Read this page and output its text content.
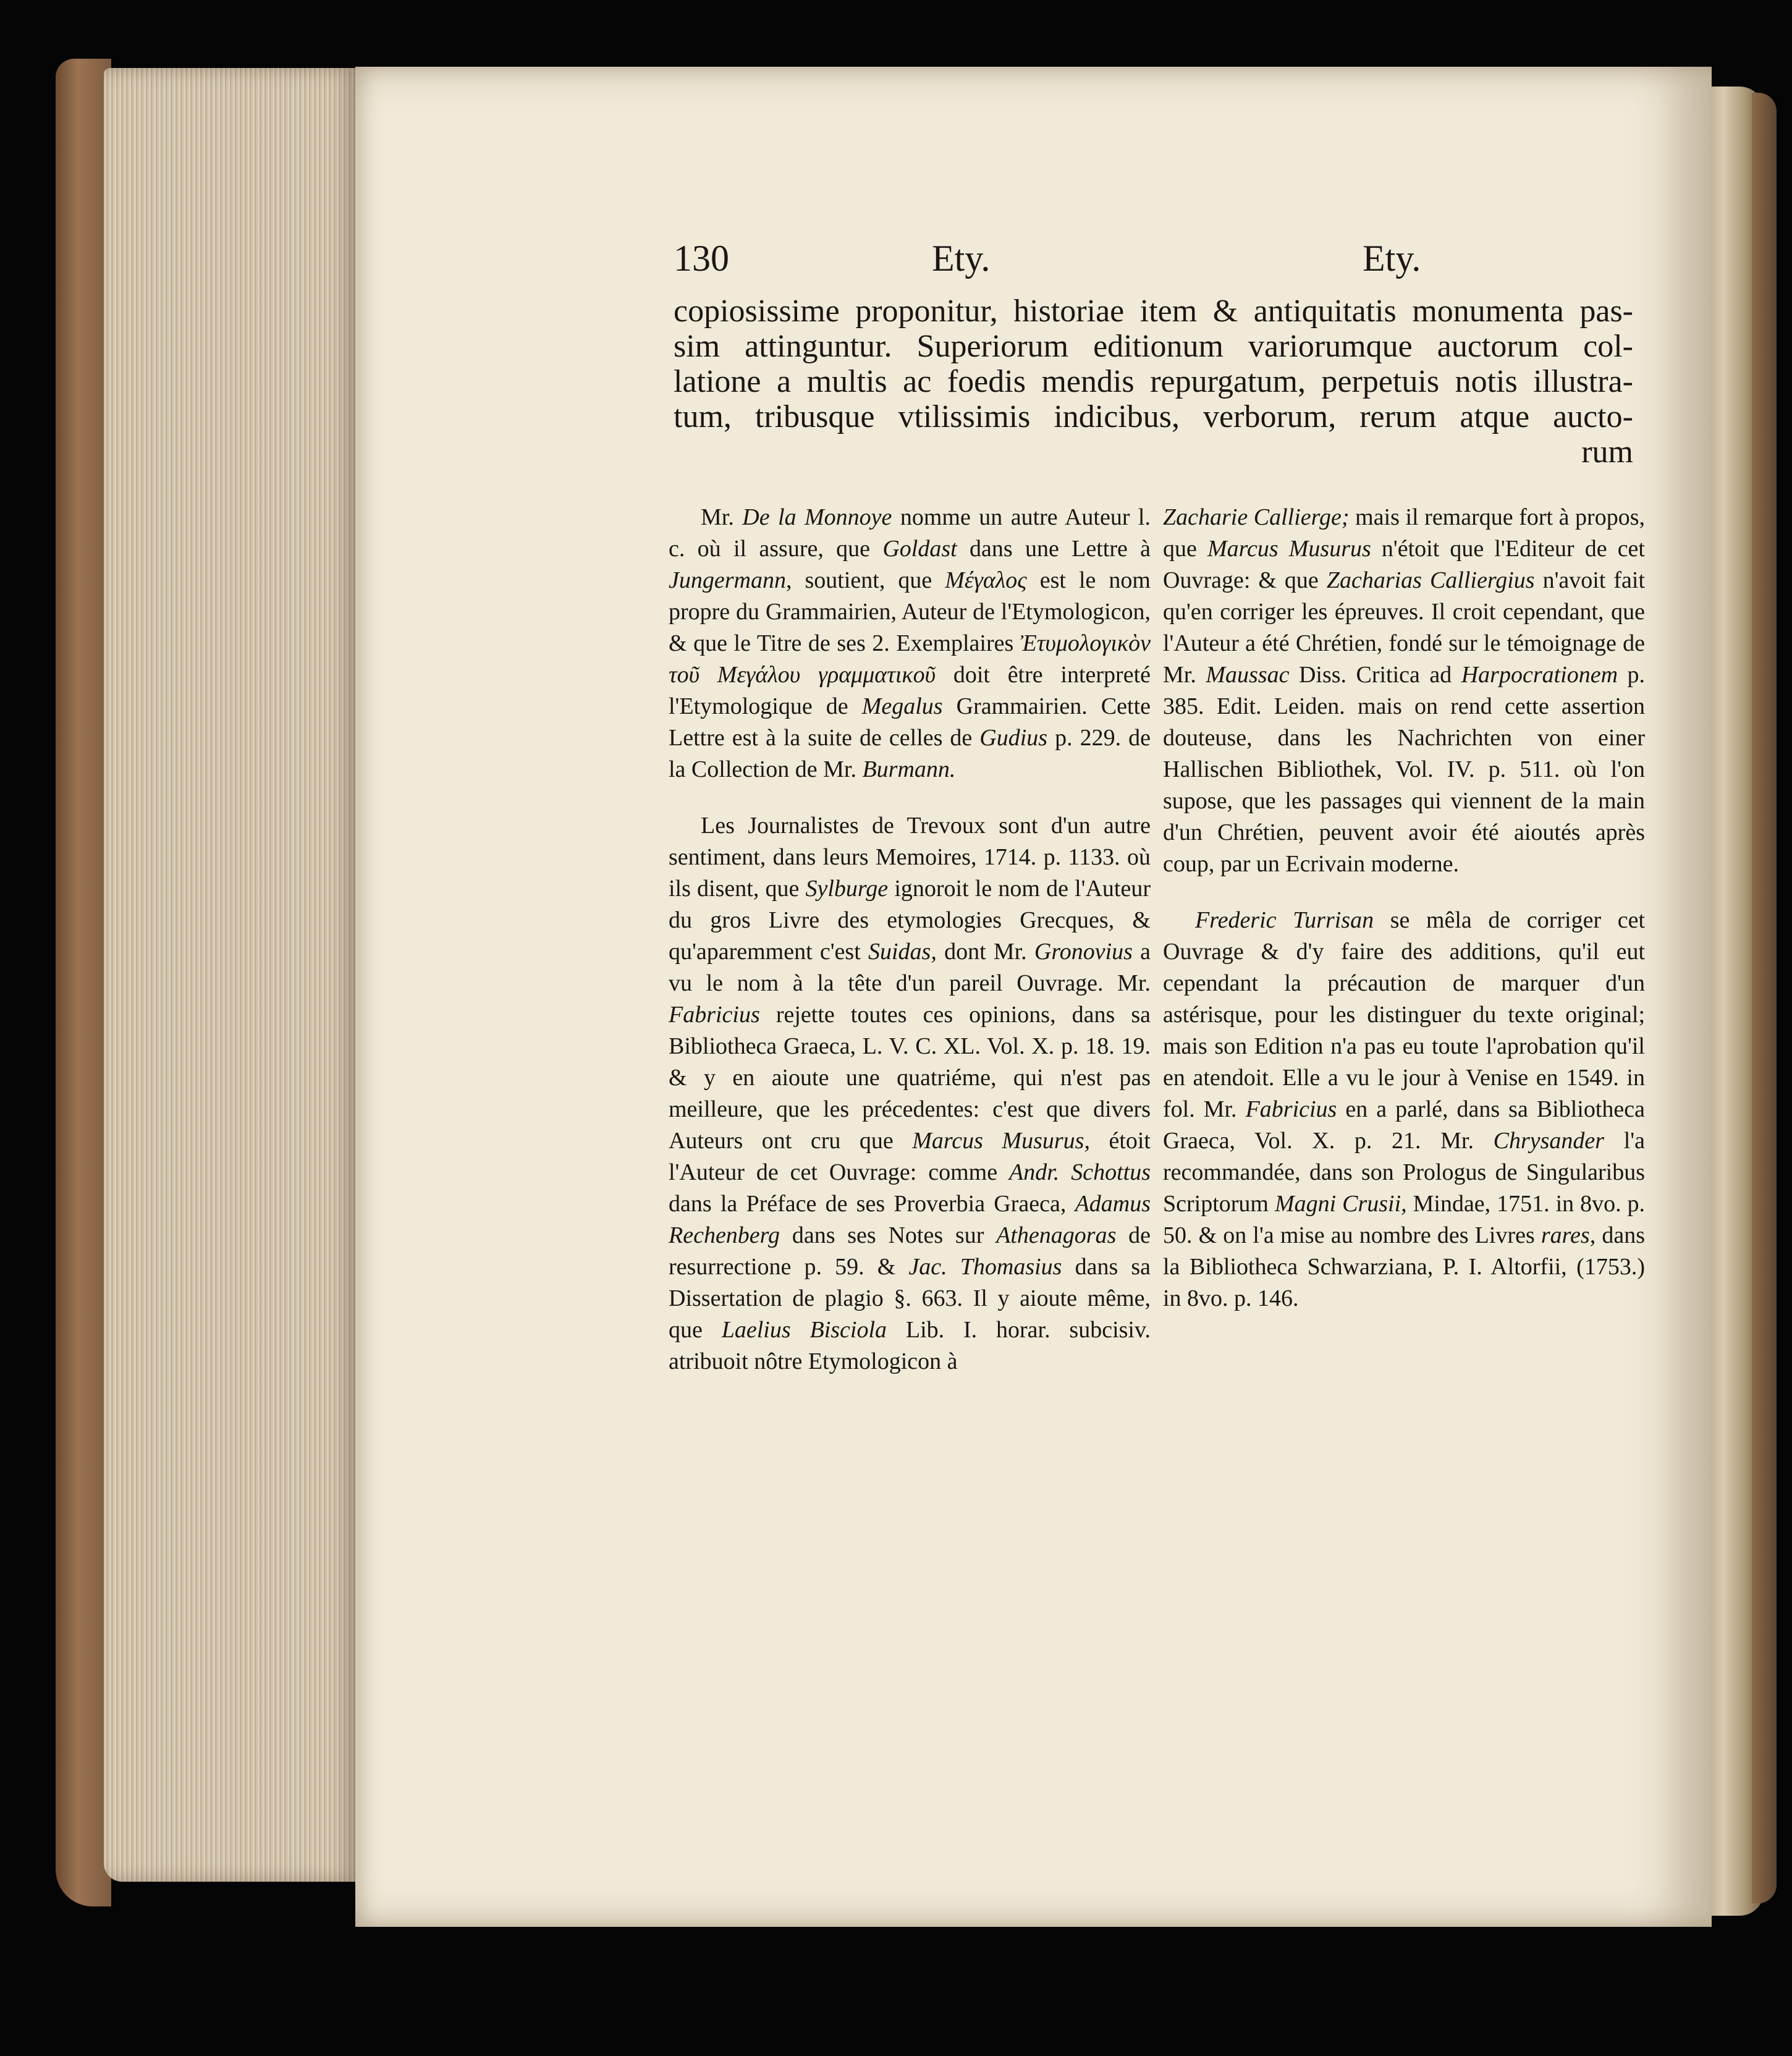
130	Ety.	Ety.
copiosissime proponitur, historiae item & antiquitatis monumenta pas-
sim attinguntur. Superiorum editionum variorumque auctorum col-
latione a multis ac foedis mendis repurgatum, perpetuis notis illustra-
tum, tribusque vtilissimis indicibus, verborum, rerum atque aucto-
rum

Mr. De la Monnoye nomme un autre Auteur l. c. où il assure, que Goldast dans une Lettre à Jungermann, soutient, que Μέγαλος est le nom propre du Grammairien, Auteur de l'Etymologicon, & que le Titre de ses 2. Exemplaires Ἐτυμολογικὸν τοῦ Μεγάλου γραμματικοῦ doit être interpreté l'Etymologique de Megalus Grammairien. Cette Lettre est à la suite de celles de Gudius p. 229. de la Collection de Mr. Burmann.

Les Journalistes de Trevoux sont d'un autre sentiment, dans leurs Memoires, 1714. p. 1133. où ils disent, que Sylburge ignoroit le nom de l'Auteur du gros Livre des etymologies Grecques, & qu'aparemment c'est Suidas, dont Mr. Gronovius a vu le nom à la tête d'un pareil Ouvrage. Mr. Fabricius rejette toutes ces opinions, dans sa Bibliotheca Graeca, L. V. C. XL. Vol. X. p. 18. 19. & y en aioute une quatriéme, qui n'est pas meilleure, que les précedentes: c'est que divers Auteurs ont cru que Marcus Musurus, étoit l'Auteur de cet Ouvrage: comme Andr. Schottus dans la Préface de ses Proverbia Graeca, Adamus Rechenberg dans ses Notes sur Athenagoras de resurrectione p. 59. & Jac. Thomasius dans sa Dissertation de plagio §. 663. Il y aioute même, que Laelius Bisciola Lib. I. horar. subcisiv. atribuoit nôtre Etymologicon à

Zacharie Callierge; mais il remarque fort à propos, que Marcus Musurus n'étoit que l'Editeur de cet Ouvrage: & que Zacharias Calliergius n'avoit fait qu'en corriger les épreuves. Il croit cependant, que l'Auteur a été Chrétien, fondé sur le témoignage de Mr. Maussac Diss. Critica ad Harpocrationem p. 385. Edit. Leiden. mais on rend cette assertion douteuse, dans les Nachrichten von einer Hallischen Bibliothek, Vol. IV. p. 511. où l'on supose, que les passages qui viennent de la main d'un Chrétien, peuvent avoir été aioutés après coup, par un Ecrivain moderne.

Frederic Turrisan se mêla de corriger cet Ouvrage & d'y faire des additions, qu'il eut cependant la précaution de marquer d'un astérisque, pour les distinguer du texte original; mais son Edition n'a pas eu toute l'aprobation qu'il en atendoit. Elle a vu le jour à Venise en 1549. in fol. Mr. Fabricius en a parlé, dans sa Bibliotheca Graeca, Vol. X. p. 21. Mr. Chrysander l'a recommandée, dans son Prologus de Singularibus Scriptorum Magni Crusii, Mindae, 1751. in 8vo. p. 50. & on l'a mise au nombre des Livres rares, dans la Bibliotheca Schwarziana, P. I. Altorfii, (1753.) in 8vo. p. 146.
